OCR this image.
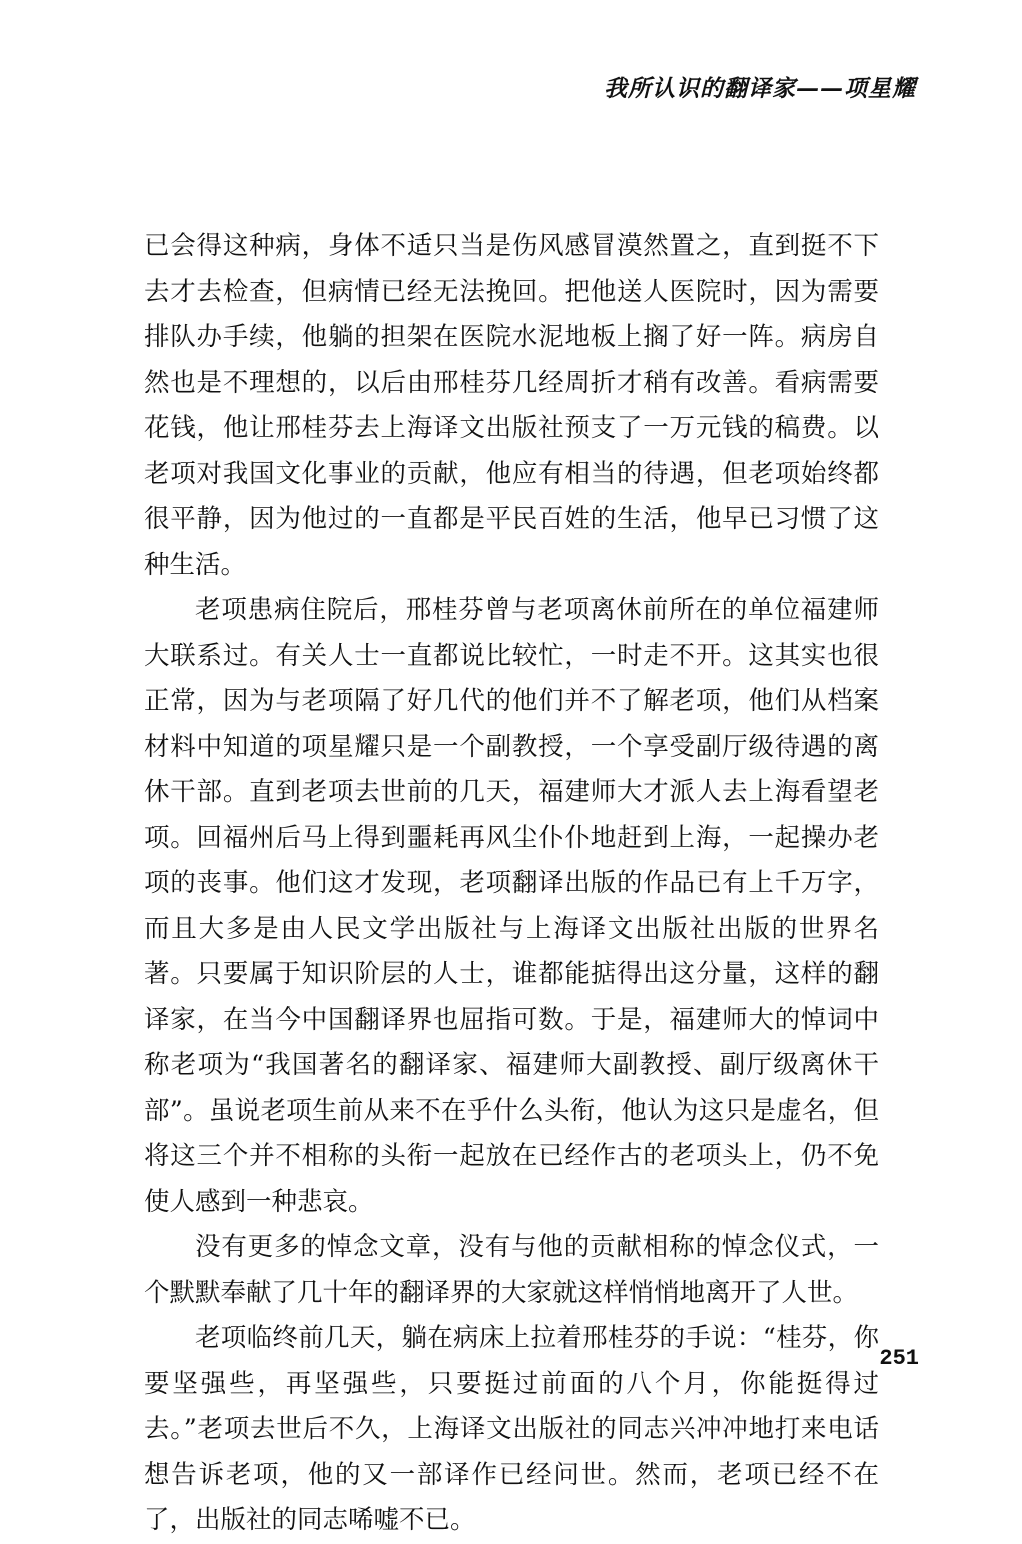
我所认识的翻译家——项星耀

已会得这种病，身体不适只当是伤风感冒漠然置之，直到挺不下去才去检查，但病情已经无法挽回。把他送人医院时，因为需要排队办手续，他躺的担架在医院水泥地板上搁了好一阵。病房自然也是不理想的，以后由邢桂芬几经周折才稍有改善。看病需要花钱，他让邢桂芬去上海译文出版社预支了一万元钱的稿费。以老项对我国文化事业的贡献，他应有相当的待遇，但老项始终都很平静，因为他过的一直都是平民百姓的生活，他早已习惯了这种生活。

老项患病住院后，邢桂芬曾与老项离休前所在的单位福建师大联系过。有关人士一直都说比较忙，一时走不开。这其实也很正常，因为与老项隔了好几代的他们并不了解老项，他们从档案材料中知道的项星耀只是一个副教授，一个享受副厅级待遇的离休干部。直到老项去世前的几天，福建师大才派人去上海看望老项。回福州后马上得到噩耗再风尘仆仆地赶到上海，一起操办老项的丧事。他们这才发现，老项翻译出版的作品已有上千万字，而且大多是由人民文学出版社与上海译文出版社出版的世界名著。只要属于知识阶层的人士，谁都能掂得出这分量，这样的翻译家，在当今中国翻译界也屈指可数。于是，福建师大的悼词中称老项为“我国著名的翻译家、福建师大副教授、副厅级离休干部”。虽说老项生前从来不在乎什么头衔，他认为这只是虚名，但将这三个并不相称的头衔一起放在已经作古的老项头上，仍不免使人感到一种悲哀。

没有更多的悼念文章，没有与他的贡献相称的悼念仪式，一个默默奉献了几十年的翻译界的大家就这样悄悄地离开了人世。

老项临终前几天，躺在病床上拉着邢桂芬的手说：“桂芬，你要坚强些，再坚强些，只要挺过前面的八个月，你能挺得过去。”老项去世后不久，上海译文出版社的同志兴冲冲地打来电话想告诉老项，他的又一部译作已经问世。然而，老项已经不在了，出版社的同志唏嘘不已。

251
